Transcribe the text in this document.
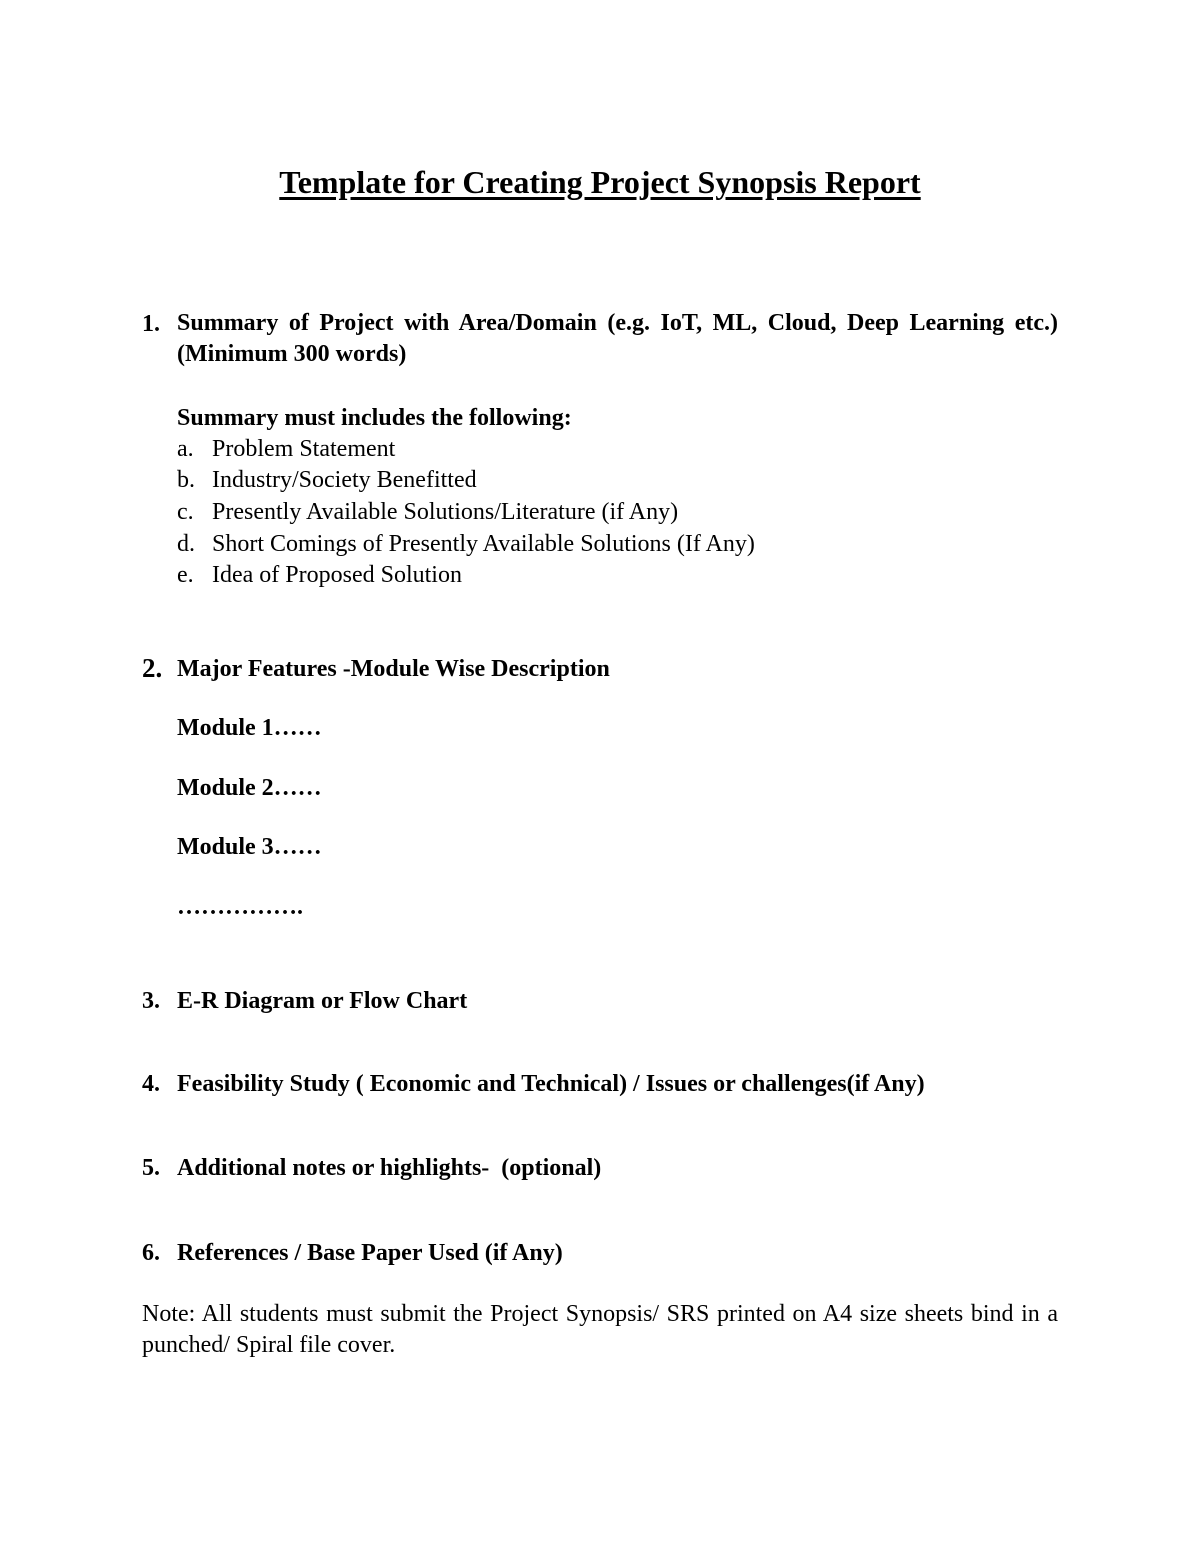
Template for Creating Project Synopsis Report
1. Summary of Project with Area/Domain (e.g. IoT, ML, Cloud, Deep Learning etc.) (Minimum 300 words)
Summary must includes the following:
a. Problem Statement
b. Industry/Society Benefitted
c. Presently Available Solutions/Literature (if Any)
d. Short Comings of Presently Available Solutions (If Any)
e. Idea of Proposed Solution
2. Major Features -Module Wise Description
Module 1……
Module 2……
Module 3……
…………….
3. E-R Diagram or Flow Chart
4. Feasibility Study ( Economic and Technical) / Issues or challenges(if Any)
5. Additional notes or highlights-  (optional)
6. References / Base Paper Used (if Any)
Note: All students must submit the Project Synopsis/ SRS printed on A4 size sheets bind in a punched/ Spiral file cover.
